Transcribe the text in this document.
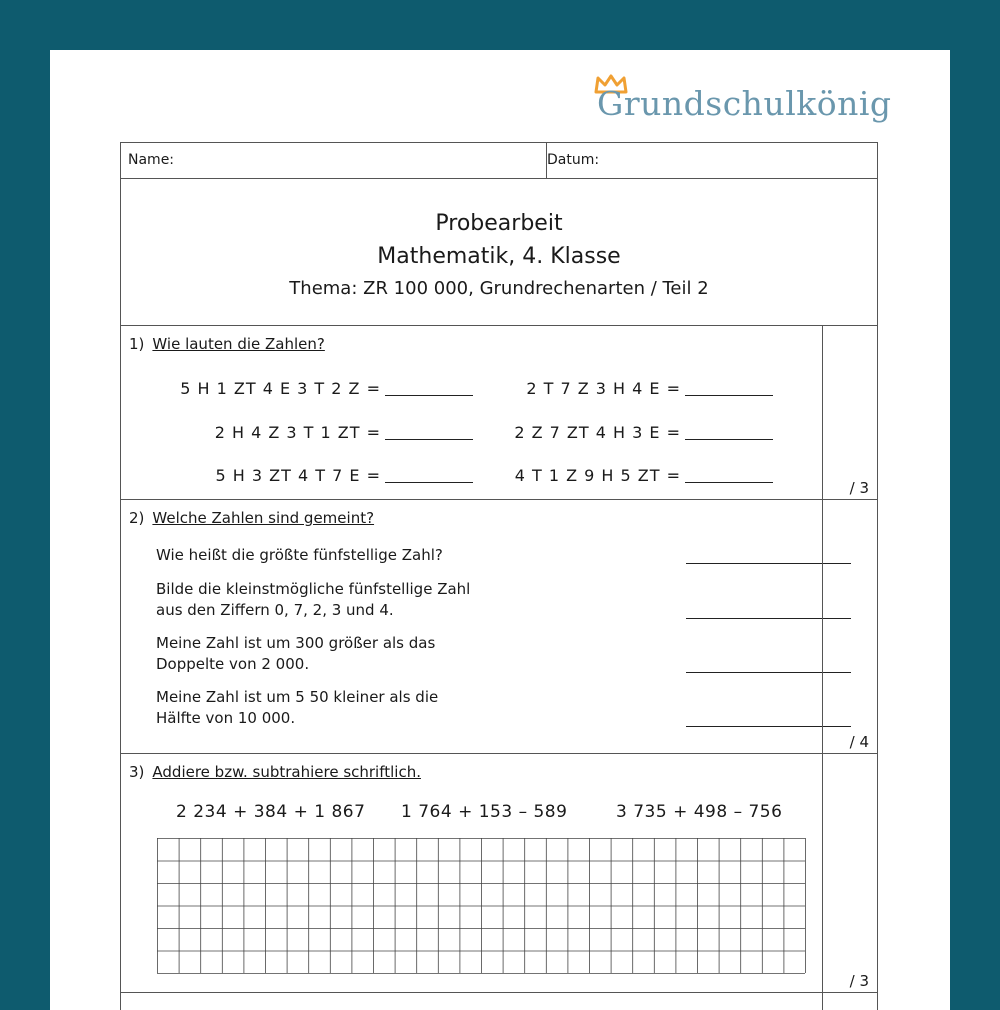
Grundschulkönig
Name:	Datum:
Probearbeit
Mathematik, 4. Klasse
Thema: ZR 100 000, Grundrechenarten / Teil 2
1) Wie lauten die Zahlen?
5 H 1 ZT 4 E 3 T 2 Z =
2 H 4 Z 3 T 1 ZT =
5 H 3 ZT 4 T 7 E =
2 T 7 Z 3 H 4 E =
2 Z 7 ZT 4 H 3 E =
4 T 1 Z 9 H 5 ZT =
/ 3
2) Welche Zahlen sind gemeint?
Wie heißt die größte fünfstellige Zahl?
Bilde die kleinstmögliche fünfstellige Zahl
aus den Ziffern 0, 7, 2, 3 und 4.
Meine Zahl ist um 300 größer als das
Doppelte von 2 000.
Meine Zahl ist um 5 50 kleiner als die
Hälfte von 10 000.
/ 4
3) Addiere bzw. subtrahiere schriftlich.
2 234 + 384 + 1 867 1 764 + 153 – 589	3 735 + 498 – 756
/ 3
